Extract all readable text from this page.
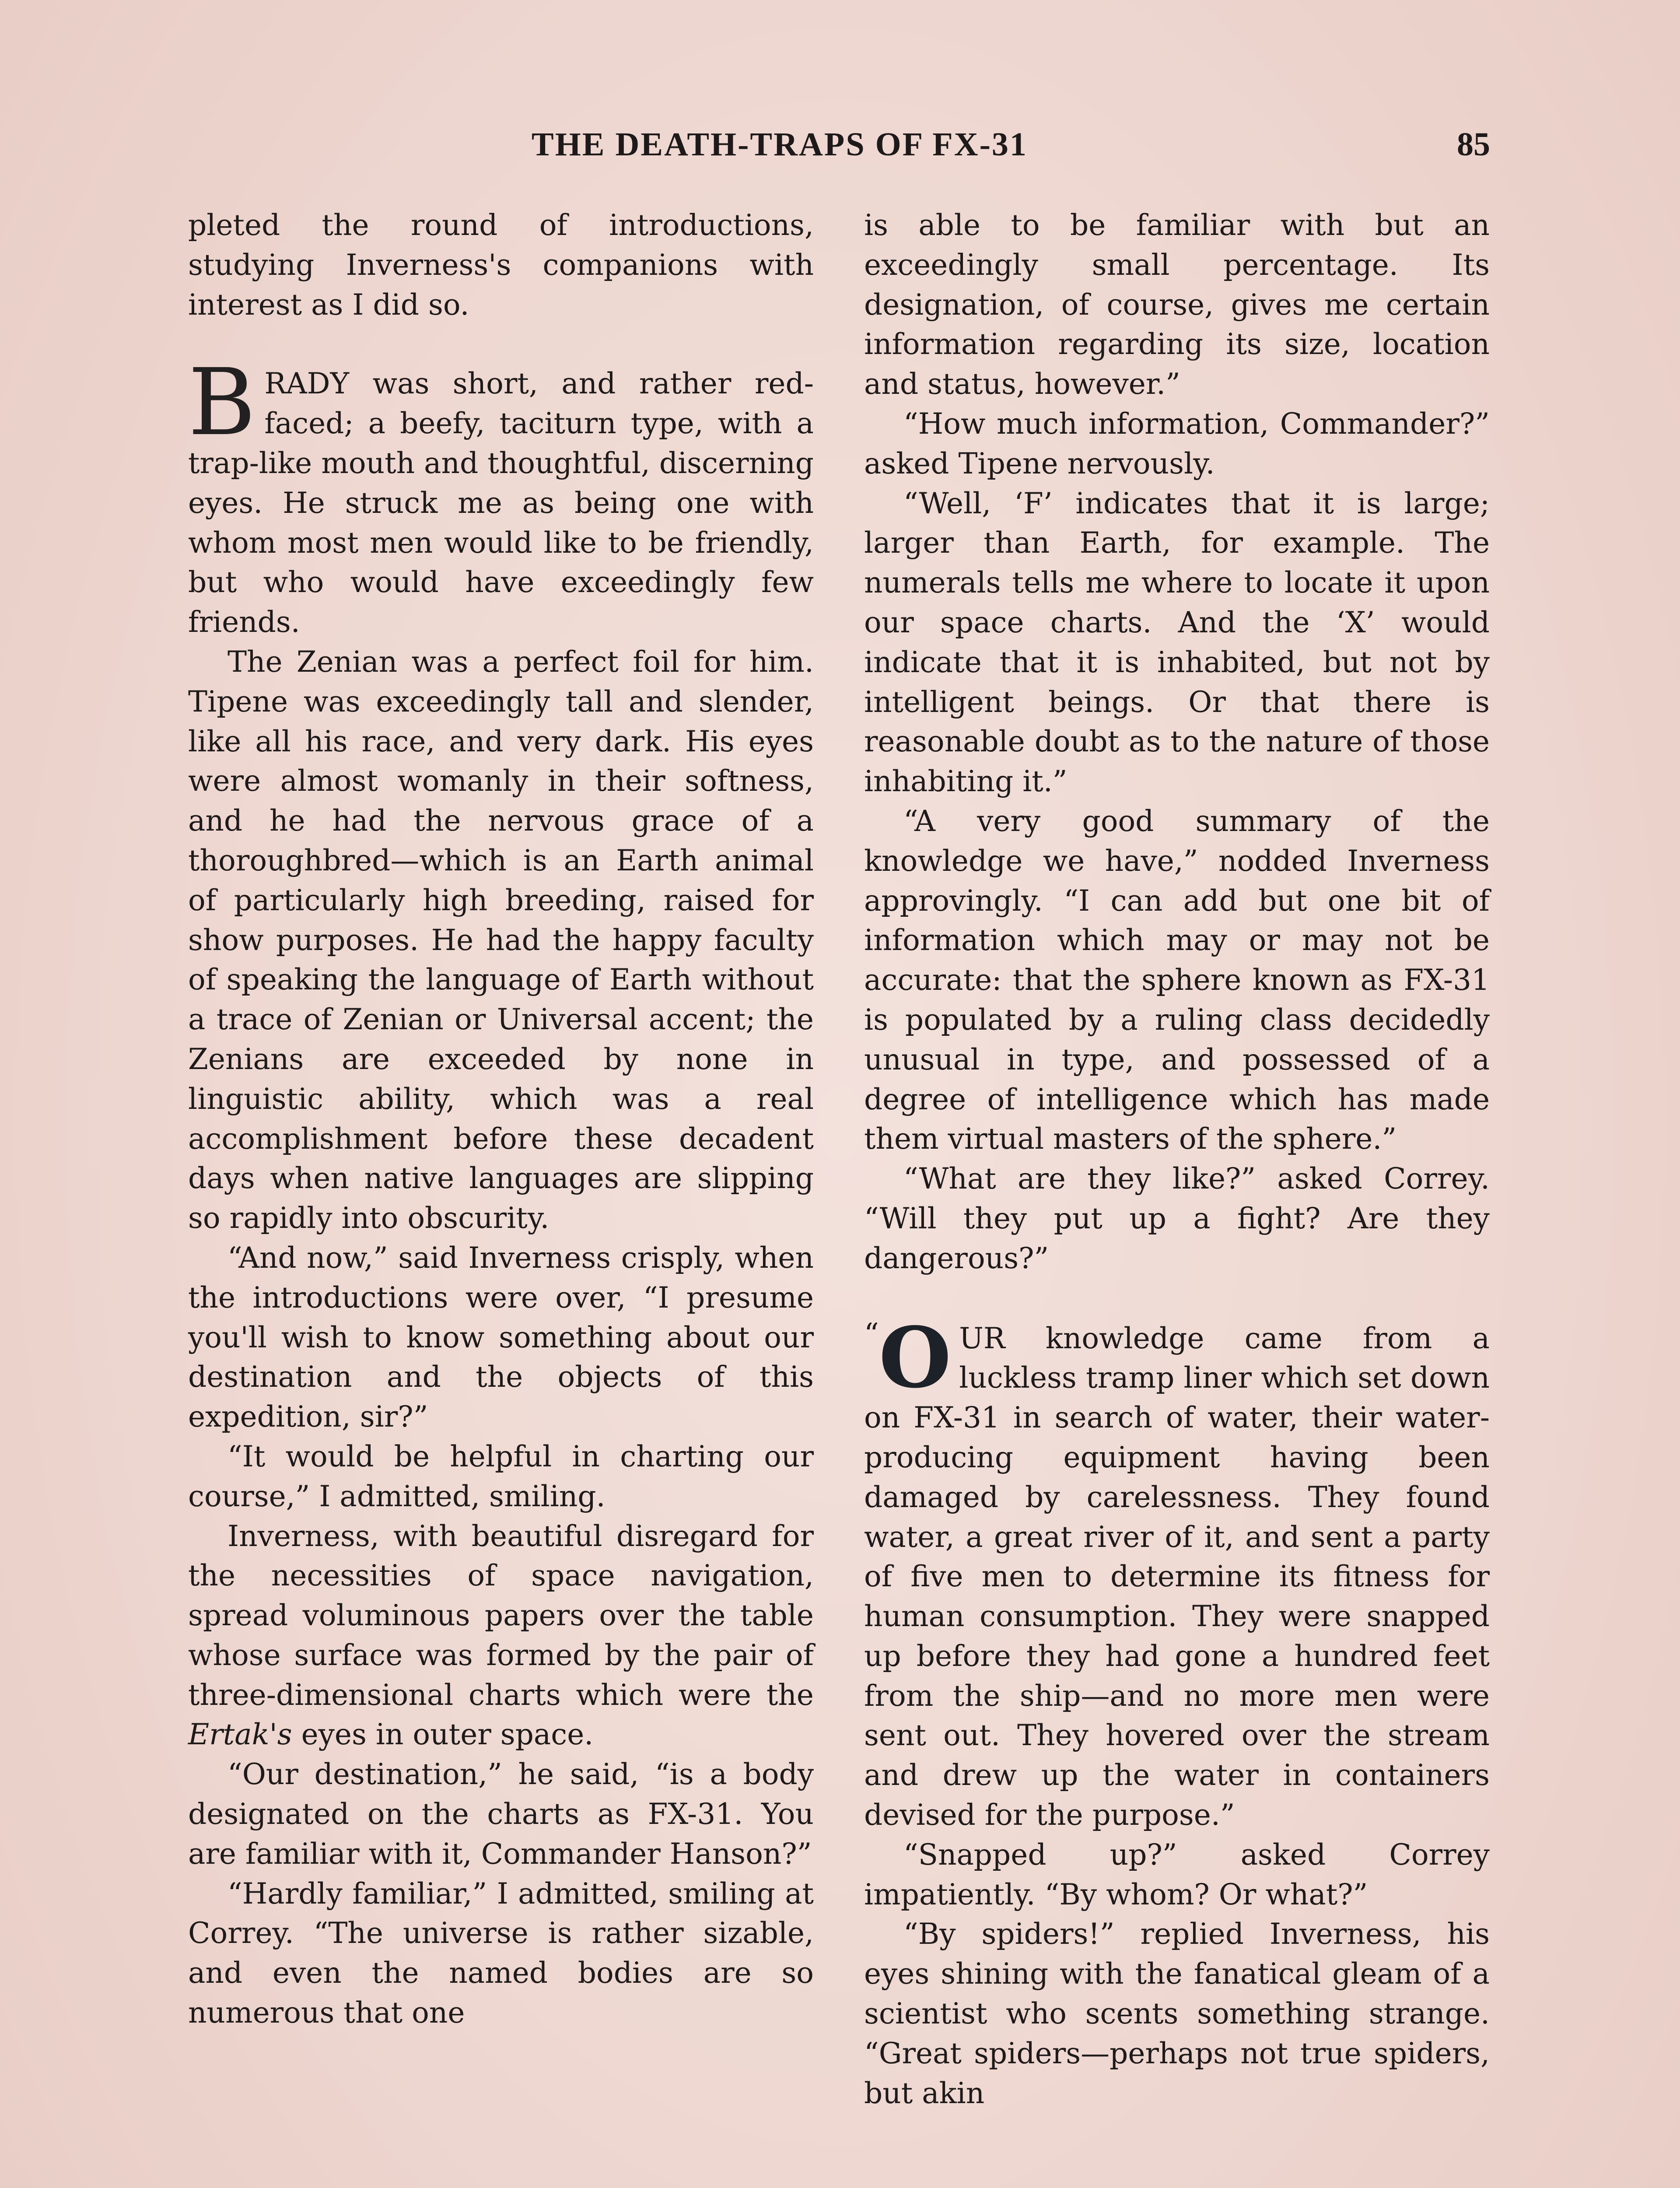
THE DEATH-TRAPS OF FX-31	85

pleted the round of introductions, studying Inverness's companions with interest as I did so.

BRADY was short, and rather red-faced; a beefy, taciturn type, with a trap-like mouth and thoughtful, discerning eyes. He struck me as being one with whom most men would like to be friendly, but who would have exceedingly few friends.

The Zenian was a perfect foil for him. Tipene was exceedingly tall and slender, like all his race, and very dark. His eyes were almost womanly in their softness, and he had the nervous grace of a thoroughbred—which is an Earth animal of particularly high breeding, raised for show purposes. He had the happy faculty of speaking the language of Earth without a trace of Zenian or Universal accent; the Zenians are exceeded by none in linguistic ability, which was a real accomplishment before these decadent days when native languages are slipping so rapidly into obscurity.

“And now,” said Inverness crisply, when the introductions were over, “I presume you'll wish to know something about our destination and the objects of this expedition, sir?”

“It would be helpful in charting our course,” I admitted, smiling.

Inverness, with beautiful disregard for the necessities of space navigation, spread voluminous papers over the table whose surface was formed by the pair of three-dimensional charts which were the Ertak's eyes in outer space.

“Our destination,” he said, “is a body designated on the charts as FX-31. You are familiar with it, Commander Hanson?”

“Hardly familiar,” I admitted, smiling at Correy. “The universe is rather sizable, and even the named bodies are so numerous that one

is able to be familiar with but an exceedingly small percentage. Its designation, of course, gives me certain information regarding its size, location and status, however.”

“How much information, Commander?” asked Tipene nervously.

“Well, ‘F’ indicates that it is large; larger than Earth, for example. The numerals tells me where to locate it upon our space charts. And the ‘X’ would indicate that it is inhabited, but not by intelligent beings. Or that there is reasonable doubt as to the nature of those inhabiting it.”

“A very good summary of the knowledge we have,” nodded Inverness approvingly. “I can add but one bit of information which may or may not be accurate: that the sphere known as FX-31 is populated by a ruling class decidedly unusual in type, and possessed of a degree of intelligence which has made them virtual masters of the sphere.”

“What are they like?” asked Correy. “Will they put up a fight? Are they dangerous?”

“ O UR knowledge came from a luckless tramp liner which set down on FX-31 in search of water, their water-producing equipment having been damaged by carelessness. They found water, a great river of it, and sent a party of five men to determine its fitness for human consumption. They were snapped up before they had gone a hundred feet from the ship—and no more men were sent out. They hovered over the stream and drew up the water in containers devised for the purpose.”

“Snapped up?” asked Correy impatiently. “By whom? Or what?”

“By spiders!” replied Inverness, his eyes shining with the fanatical gleam of a scientist who scents something strange. “Great spiders—perhaps not true spiders, but akin
